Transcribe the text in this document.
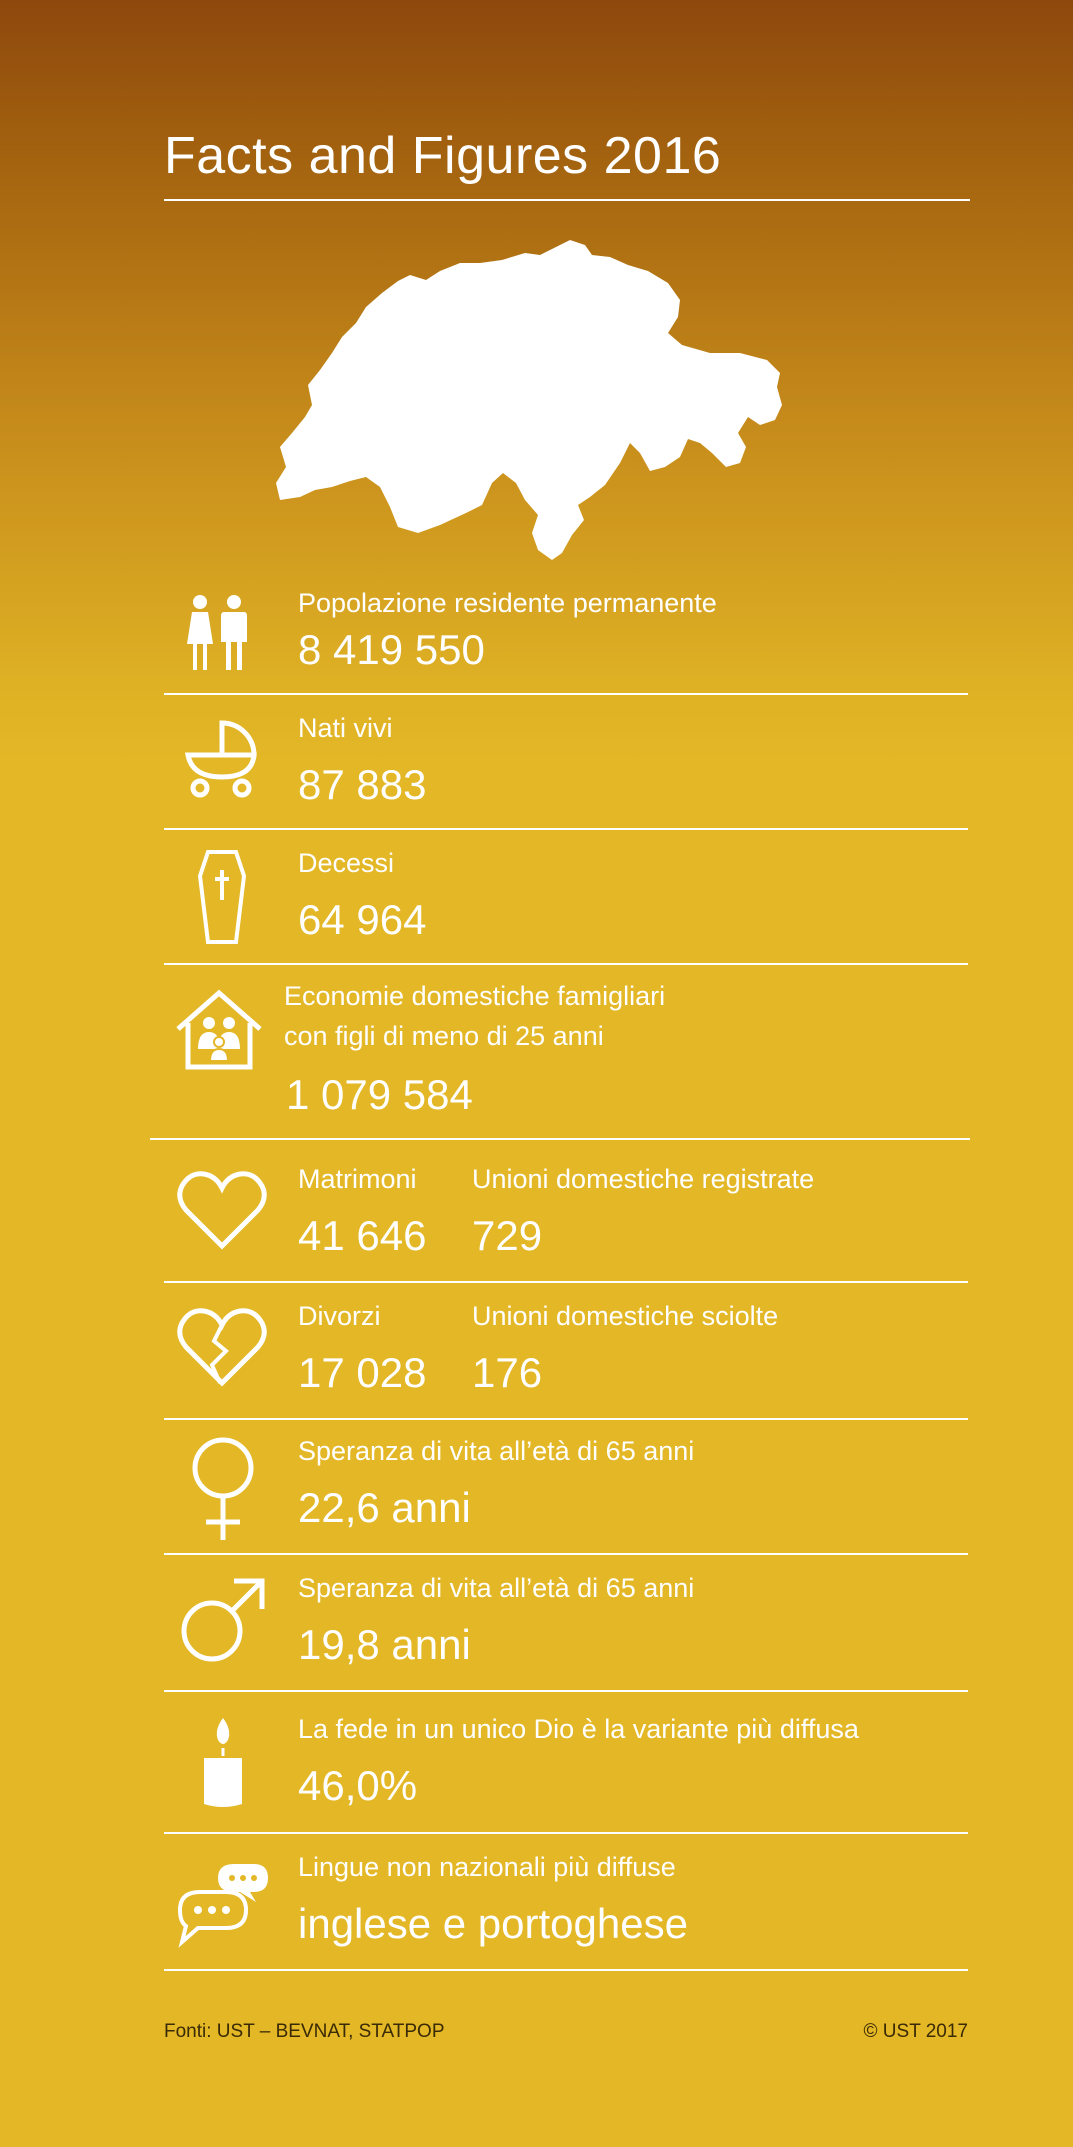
Facts and Figures 2016
Popolazione residente permanente
8 419 550
Nati vivi
87 883
Decessi
64 964
Economie domestiche famigliari
con figli di meno di 25 anni
1 079 584
Matrimoni
41 646
Unioni domestiche registrate
729
Divorzi
17 028
Unioni domestiche sciolte
176
Speranza di vita all’età di 65 anni
22,6 anni
Speranza di vita all’età di 65 anni
19,8 anni
La fede in un unico Dio è la variante più diffusa
46,0%
Lingue non nazionali più diffuse
inglese e portoghese
Fonti: UST – BEVNAT, STATPOP	© UST 2017
